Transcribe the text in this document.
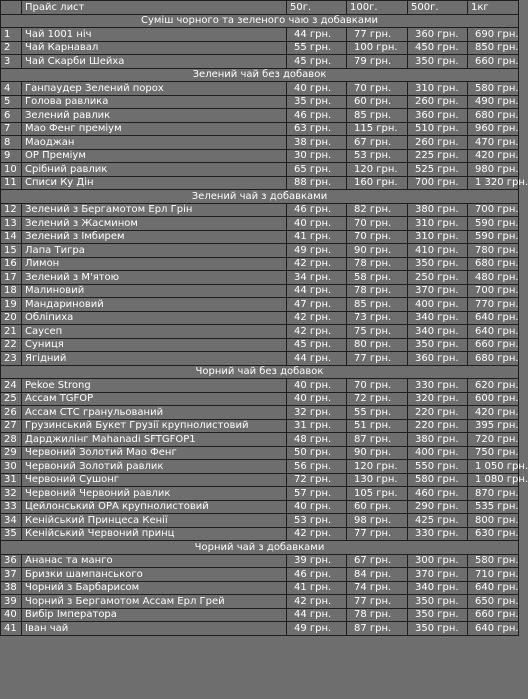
	Прайс лист	50г.	100г.	500г.	1кг
Суміш чорного та зеленого чаю з добавками					
1	Чай 1001 ніч	44 грн.	77 грн.	360 грн.	690 грн.
2	Чай Карнавал	55 грн.	100 грн.	450 грн.	850 грн.
3	Чай Скарби Шейха	45 грн.	79 грн.	350 грн.	660 грн.
Зелений чай без добавок					
4	Ганпаудер Зелений порох	40 грн.	70 грн.	310 грн.	580 грн.
5	Голова равлика	35 грн.	60 грн.	260 грн.	490 грн.
6	Зелений равлик	46 грн.	85 грн.	360 грн.	680 грн.
7	Мао Фенг преміум	63 грн.	115 грн.	510 грн.	960 грн.
8	Маоджан	38 грн.	67 грн.	260 грн.	470 грн.
9	ОР Преміум	30 грн.	53 грн.	225 грн.	420 грн.
10	Срібний равлик	65 грн.	120 грн.	525 грн.	980 грн.
11	Списи Ку Дін	88 грн.	160 грн.	700 грн.	1 320 грн.
Зелений чай з добавками					
12	Зелений з Бергамотом Ерл Грін	46 грн.	82 грн.	380 грн.	700 грн.
13	Зелений з Жасмином	40 грн.	70 грн.	310 грн.	590 грн.
14	Зелений з Імбирем	41 грн.	70 грн.	310 грн.	590 грн.
15	Лапа Тигра	49 грн.	90 грн.	410 грн.	780 грн.
16	Лимон	42 грн.	78 грн.	350 грн.	680 грн.
17	Зелений з М'ятою	34 грн.	58 грн.	250 грн.	480 грн.
18	Малиновий	44 грн.	78 грн.	370 грн.	700 грн.
19	Мандариновий	47 грн.	85 грн.	400 грн.	770 грн.
20	Обліпиха	42 грн.	73 грн.	340 грн.	640 грн.
21	Саусеп	42 грн.	75 грн.	340 грн.	640 грн.
22	Суниця	45 грн.	80 грн.	350 грн.	660 грн.
23	Ягідний	44 грн.	77 грн.	360 грн.	680 грн.
Чорний чай без добавок					
24	Pekoe Strong	40 грн.	70 грн.	330 грн.	620 грн.
25	Ассам TGFOP	40 грн.	72 грн.	320 грн.	600 грн.
26	Ассам СТС гранульований	32 грн.	55 грн.	220 грн.	420 грн.
27	Грузинський Букет Грузії крупнолистовий	31 грн.	51 грн.	220 грн.	395 грн.
28	Дарджилінг Mahanadi SFTGFOP1	48 грн.	87 грн.	380 грн.	720 грн.
29	Червоний Золотий Мао Фенг	50 грн.	90 грн.	400 грн.	750 грн.
30	Червоний Золотий равлик	56 грн.	120 грн.	550 грн.	1 050 грн.
31	Червоний Сушонг	72 грн.	130 грн.	580 грн.	1 080 грн.
32	Червоний Червоний равлик	57 грн.	105 грн.	460 грн.	870 грн.
33	Цейлонський ОРА крупнолистовий	40 грн.	60 грн.	290 грн.	535 грн.
34	Кенійський Принцеса Кенії	53 грн.	98 грн.	425 грн.	800 грн.
35	Кенійський Червоний принц	42 грн.	77 грн.	330 грн.	630 грн.
Чорний чай з добавками					
36	Ананас та манго	39 грн.	67 грн.	300 грн.	580 грн.
37	Бризки шампанського	46 грн.	84 грн.	370 грн.	710 грн.
38	Чорний з Барбарисом	41 грн.	74 грн.	340 грн.	640 грн.
39	Чорний з Бергамотом Ассам Ерл Грей	42 грн.	77 грн.	350 грн.	650 грн.
40	Вибір Імператора	44 грн.	78 грн.	350 грн.	660 грн.
41	Іван чай	49 грн.	87 грн.	350 грн.	640 грн.
